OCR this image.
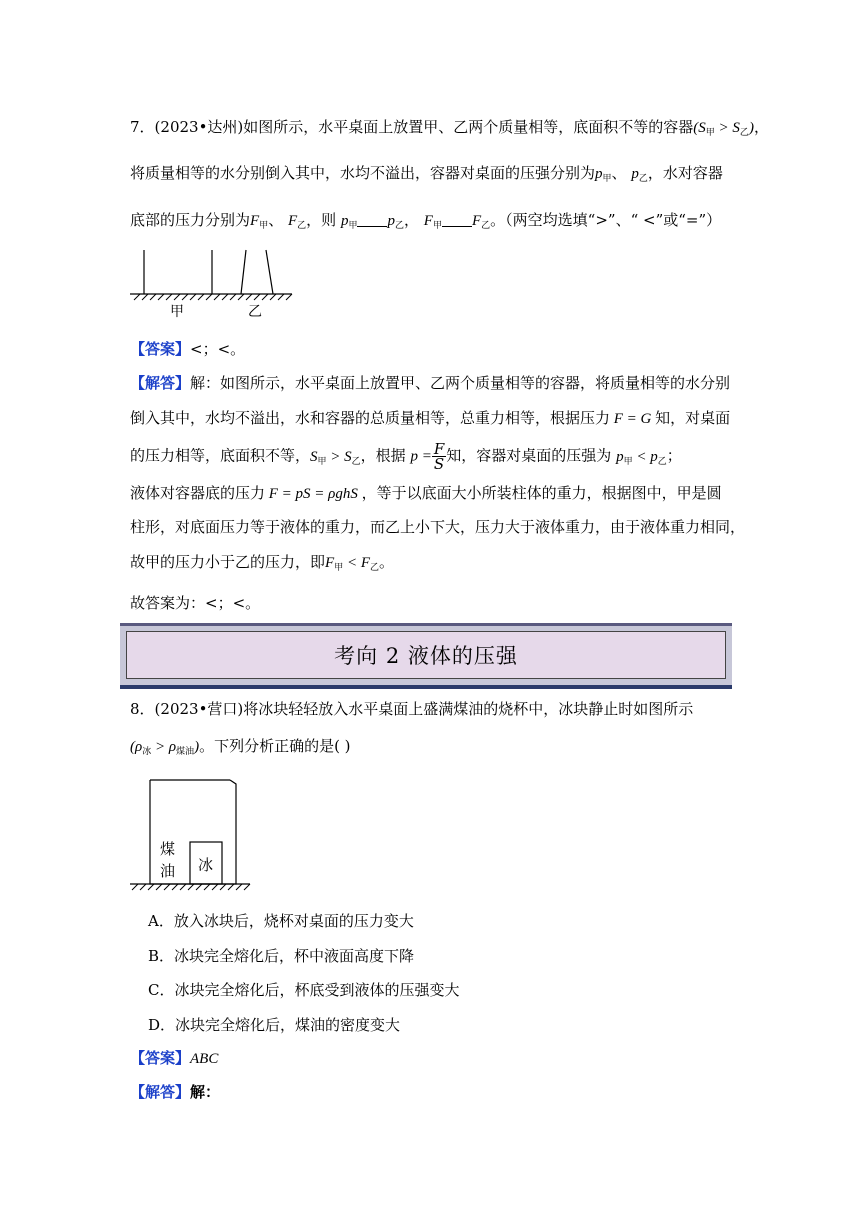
7．(2023•达州)如图所示，水平桌面上放置甲、乙两个质量相等，底面积不等的容器$(S_甲 > S_乙)$，
将质量相等的水分别倒入其中，水均不溢出，容器对桌面的压强分别为$p_甲$、 $p_乙$，水对容器
底部的压力分别为$F_甲$、 $F_乙$，则 $p_甲$ $p_乙$， $F_甲$ $F_乙$。（两空均选填“>”、“ <”或“=”）
甲	乙
【答案】<；<。
【解答】解：如图所示，水平桌面上放置甲、乙两个质量相等的容器，将质量相等的水分别
倒入其中，水均不溢出，水和容器的总质量相等，总重力相等，根据压力 F = G 知，对桌面
的压力相等，底面积不等，$S_甲 > S_乙$，根据 $p = \frac{F}{S}$ 知，容器对桌面的压强为 $p_甲 < p_乙$；
液体对容器底的压力 F = pS = ρghS ，等于以底面大小所装柱体的重力，根据图中，甲是圆
柱形，对底面压力等于液体的重力，而乙上小下大，压力大于液体重力，由于液体重力相同，
故甲的压力小于乙的压力，即$F_甲 < F_乙$。
故答案为：<；<。
考向 2 液体的压强
8．(2023•营口)将冰块轻轻放入水平桌面上盛满煤油的烧杯中，冰块静止时如图所示
$(\rho_冰 > \rho_{煤油})$。下列分析正确的是( )
煤
油 冰
A．放入冰块后，烧杯对桌面的压力变大
B．冰块完全熔化后，杯中液面高度下降
C．冰块完全熔化后，杯底受到液体的压强变大
D．冰块完全熔化后，煤油的密度变大
【答案】ABC
【解答】解：
